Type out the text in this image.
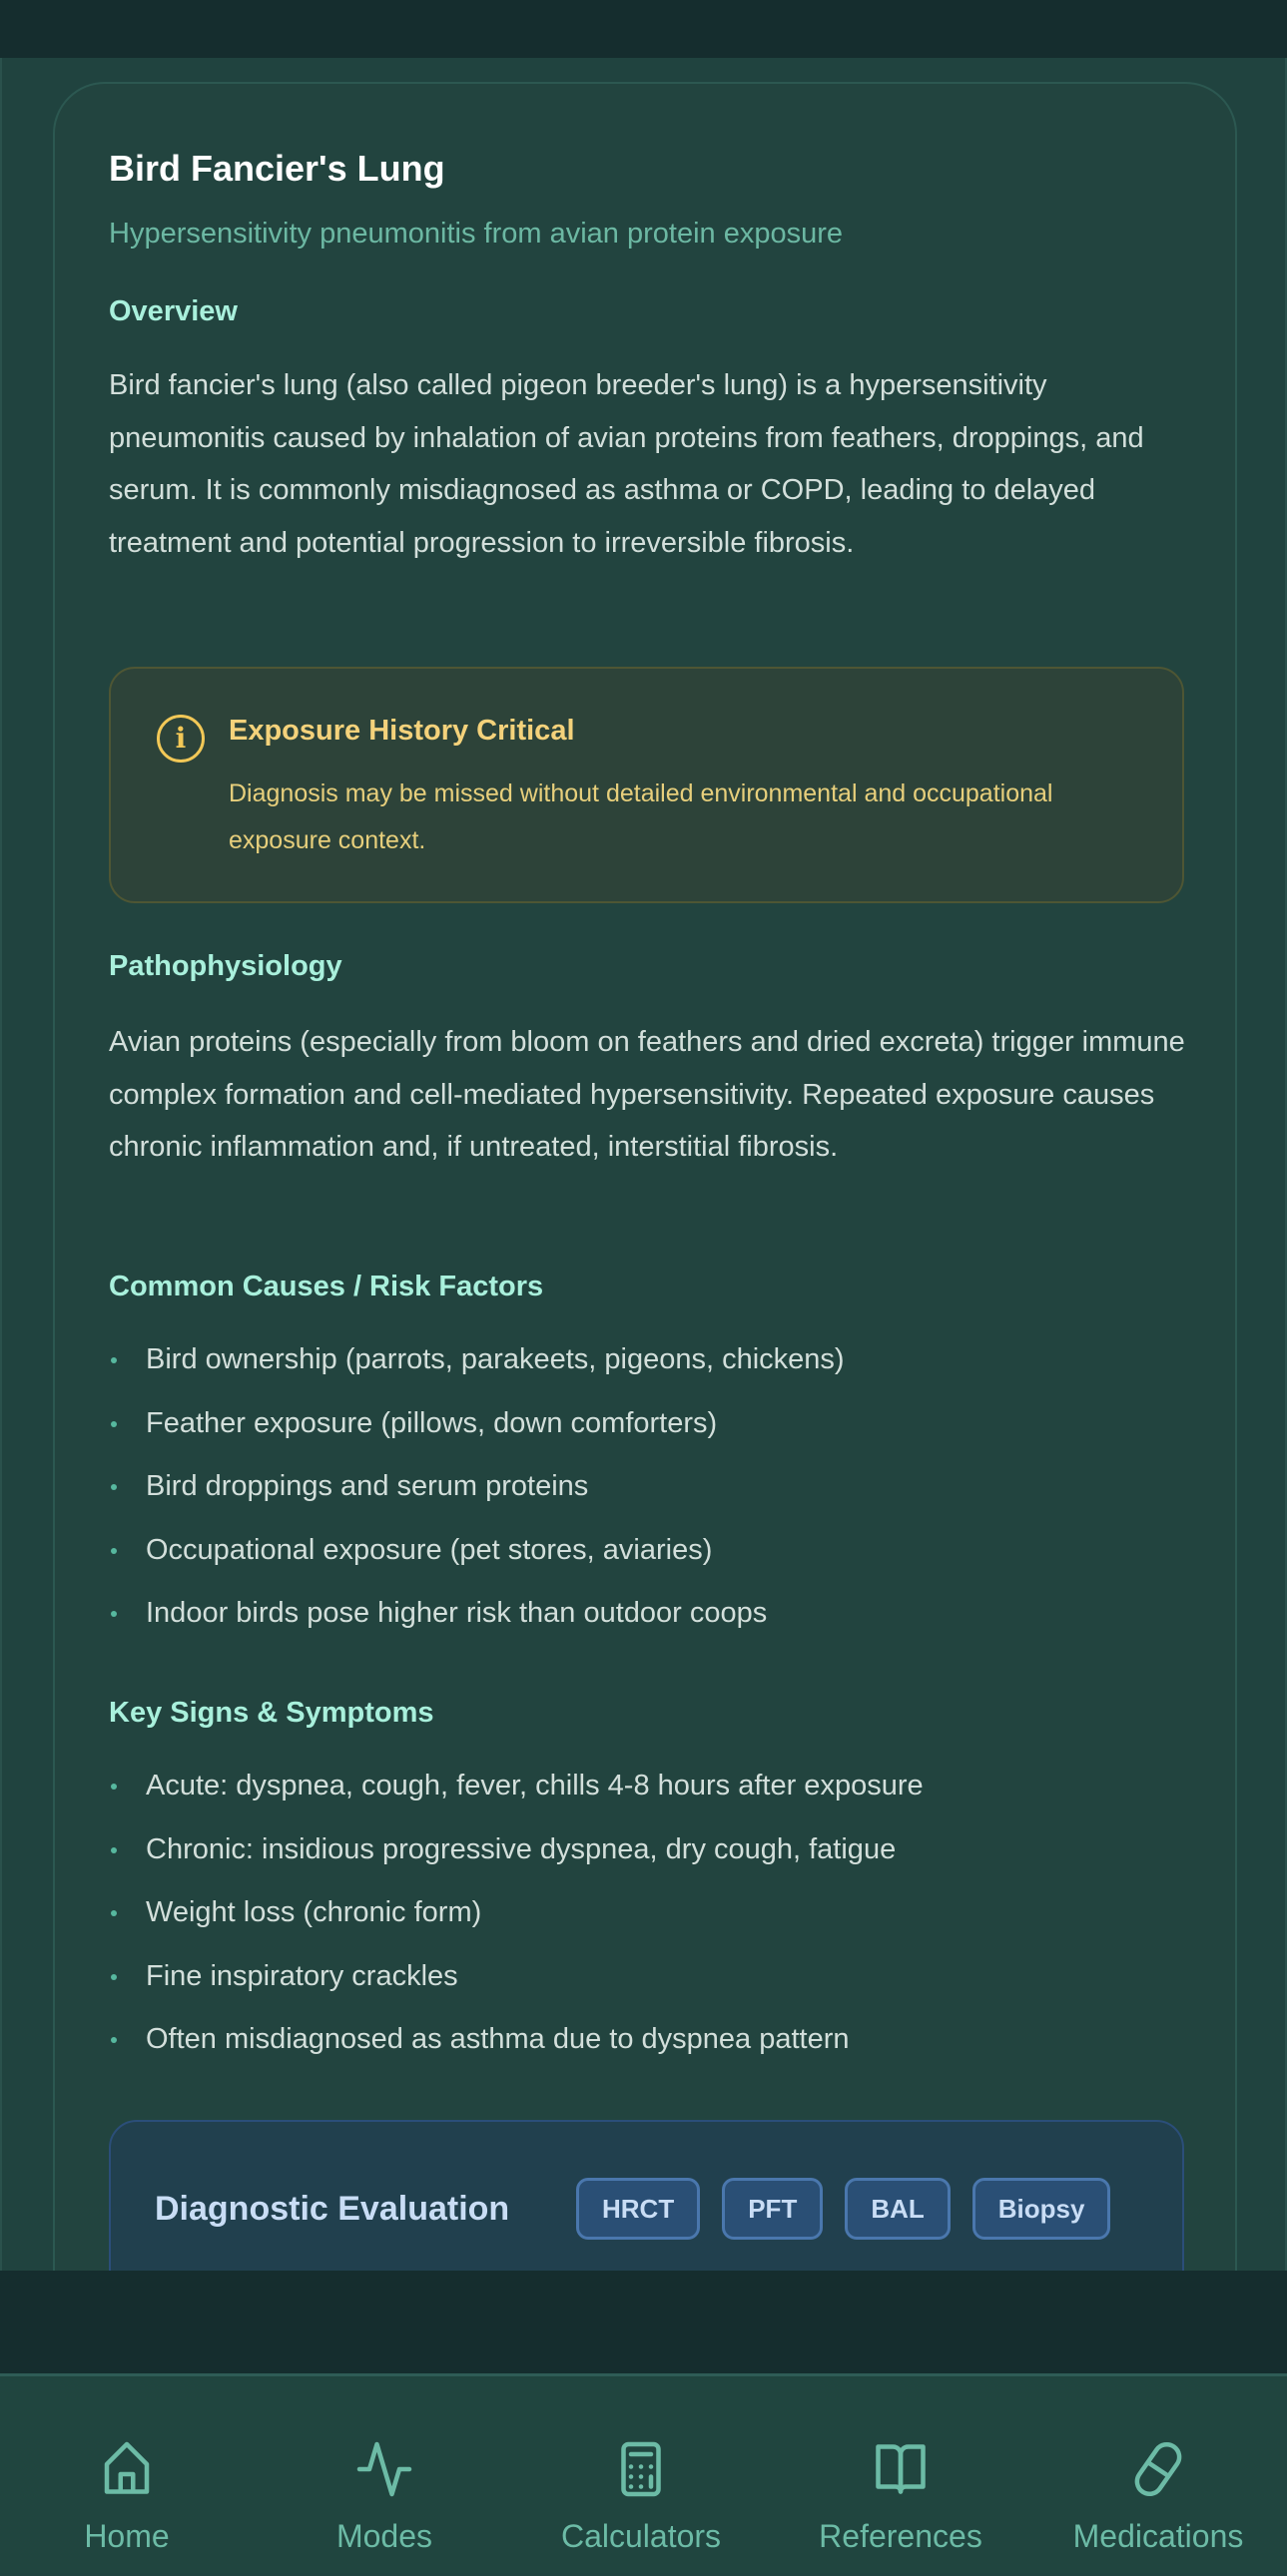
Bird Fancier's Lung
Hypersensitivity pneumonitis from avian protein exposure
Overview
Bird fancier's lung (also called pigeon breeder's lung) is a hypersensitivity pneumonitis caused by inhalation of avian proteins from feathers, droppings, and serum. It is commonly misdiagnosed as asthma or COPD, leading to delayed treatment and potential progression to irreversible fibrosis.
i	Exposure History Critical
Diagnosis may be missed without detailed environmental and occupational exposure context.
Pathophysiology
Avian proteins (especially from bloom on feathers and dried excreta) trigger immune complex formation and cell-mediated hypersensitivity. Repeated exposure causes chronic inflammation and, if untreated, interstitial fibrosis.
Common Causes / Risk Factors
Bird ownership (parrots, parakeets, pigeons, chickens)
Feather exposure (pillows, down comforters)
Bird droppings and serum proteins
Occupational exposure (pet stores, aviaries)
Indoor birds pose higher risk than outdoor coops
Key Signs & Symptoms
Acute: dyspnea, cough, fever, chills 4-8 hours after exposure
Chronic: insidious progressive dyspnea, dry cough, fatigue
Weight loss (chronic form)
Fine inspiratory crackles
Often misdiagnosed as asthma due to dyspnea pattern
Diagnostic Evaluation	HRCT	PFT	BAL	Biopsy
Home	Modes	Calculators	References	Medications
